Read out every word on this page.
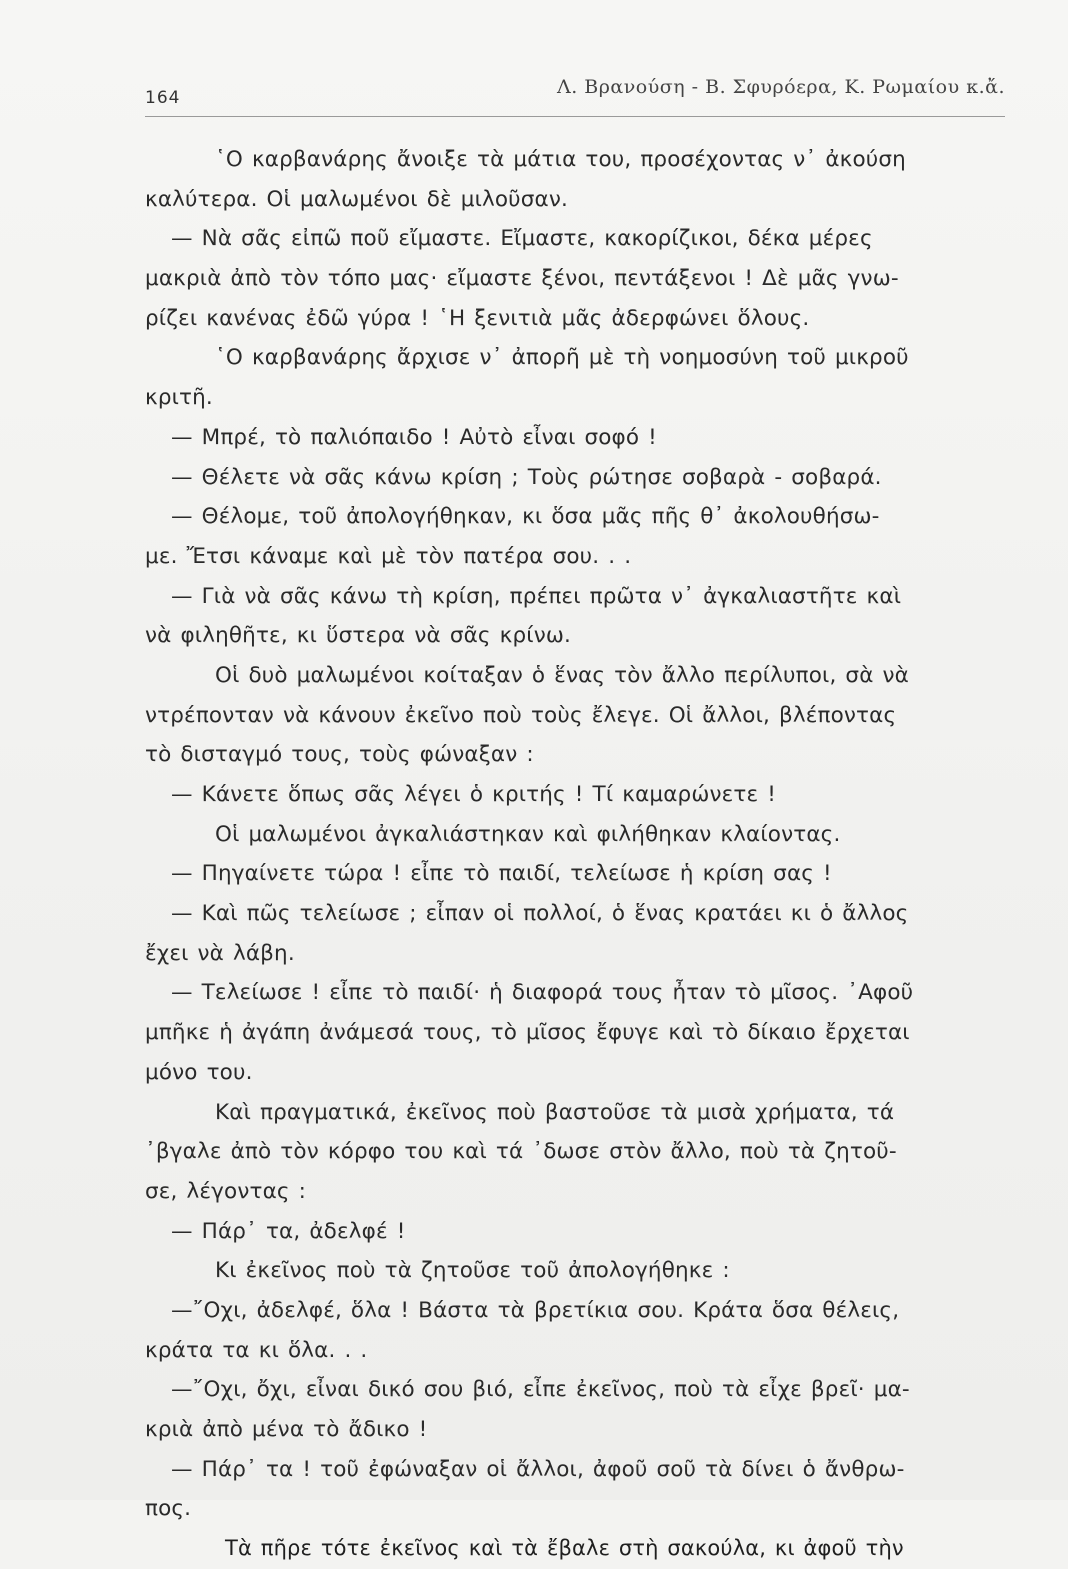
164	Λ. Βρανούση - Β. Σφυρόερα, Κ. Ρωμαίου κ.ἄ.
῾Ο καρβανάρης ἄνοιξε τὰ μάτια του, προσέχοντας ν᾿ ἀκούση
καλύτερα. Οἱ μαλωμένοι δὲ μιλοῦσαν.
— Νὰ σᾶς εἰπῶ ποῦ εἴμαστε. Εἴμαστε, κακορίζικοι, δέκα μέρες
μακριὰ ἀπὸ τὸν τόπο μας· εἴμαστε ξένοι, πεντάξενοι ! Δὲ μᾶς γνω-
ρίζει κανένας ἐδῶ γύρα ! ῾Η ξενιτιὰ μᾶς ἀδερφώνει ὅλους.
῾Ο καρβανάρης ἄρχισε ν᾿ ἀπορῆ μὲ τὴ νοημοσύνη τοῦ μικροῦ
κριτῆ.
— Μπρέ, τὸ παλιόπαιδο ! Αὐτὸ εἶναι σοφό !
— Θέλετε νὰ σᾶς κάνω κρίση ; Τοὺς ρώτησε σοβαρὰ - σοβαρά.
— Θέλομε, τοῦ ἀπολογήθηκαν, κι ὅσα μᾶς πῆς θ᾿ ἀκολουθήσω-
με. Ἔτσι κάναμε καὶ μὲ τὸν πατέρα σου. . .
— Γιὰ νὰ σᾶς κάνω τὴ κρίση, πρέπει πρῶτα ν᾿ ἀγκαλιαστῆτε καὶ
νὰ φιληθῆτε, κι ὕστερα νὰ σᾶς κρίνω.
Οἱ δυὸ μαλωμένοι κοίταξαν ὁ ἕνας τὸν ἄλλο περίλυποι, σὰ νὰ
ντρέπονταν νὰ κάνουν ἐκεῖνο ποὺ τοὺς ἔλεγε. Οἱ ἄλλοι, βλέποντας
τὸ δισταγμό τους, τοὺς φώναξαν :
— Κάνετε ὅπως σᾶς λέγει ὁ κριτής ! Τί καμαρώνετε !
Οἱ μαλωμένοι ἀγκαλιάστηκαν καὶ φιλήθηκαν κλαίοντας.
— Πηγαίνετε τώρα ! εἶπε τὸ παιδί, τελείωσε ἡ κρίση σας !
— Καὶ πῶς τελείωσε ; εἶπαν οἱ πολλοί, ὁ ἕνας κρατάει κι ὁ ἄλλος
ἔχει νὰ λάβη.
— Τελείωσε ! εἶπε τὸ παιδί· ἡ διαφορά τους ἦταν τὸ μῖσος. ᾿Αφοῦ
μπῆκε ἡ ἀγάπη ἀνάμεσά τους, τὸ μῖσος ἔφυγε καὶ τὸ δίκαιο ἔρχεται
μόνο του.
Καὶ πραγματικά, ἐκεῖνος ποὺ βαστοῦσε τὰ μισὰ χρήματα, τά
᾿βγαλε ἀπὸ τὸν κόρφο του καὶ τά ᾿δωσε στὸν ἄλλο, ποὺ τὰ ζητοῦ-
σε, λέγοντας :
— Πάρ᾿ τα, ἀδελφέ !
Κι ἐκεῖνος ποὺ τὰ ζητοῦσε τοῦ ἀπολογήθηκε :
—῎Οχι, ἀδελφέ, ὅλα ! Βάστα τὰ βρετίκια σου. Κράτα ὅσα θέλεις,
κράτα τα κι ὅλα. . .
—῎Οχι, ὄχι, εἶναι δικό σου βιό, εἶπε ἐκεῖνος, ποὺ τὰ εἶχε βρεῖ· μα-
κριὰ ἀπὸ μένα τὸ ἄδικο !
— Πάρ᾿ τα ! τοῦ ἐφώναξαν οἱ ἄλλοι, ἀφοῦ σοῦ τὰ δίνει ὁ ἄνθρω-
πος.
Τὰ πῆρε τότε ἐκεῖνος καὶ τὰ ἔβαλε στὴ σακούλα, κι ἀφοῦ τὴν
